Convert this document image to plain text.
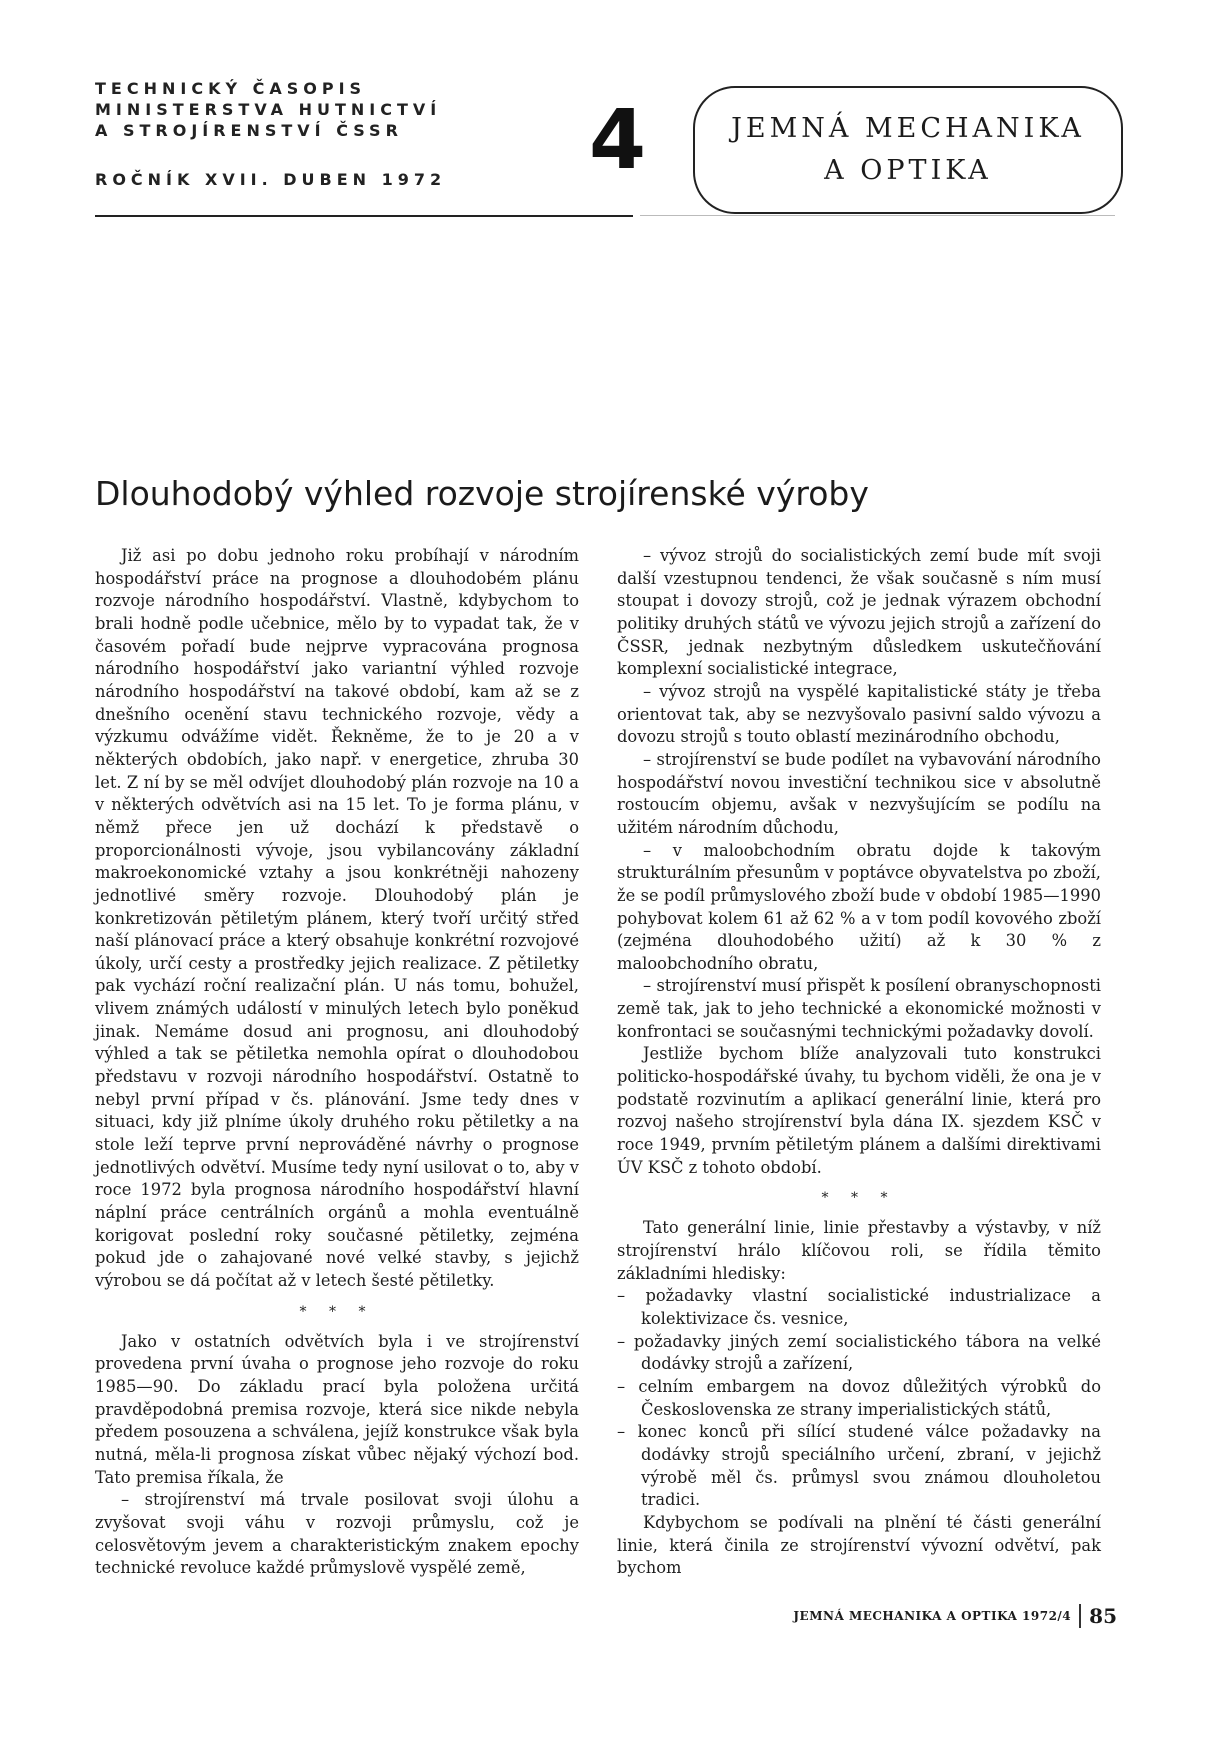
TECHNICKÝ ČASOPIS
MINISTERSTVA HUTNICTVÍ
A STROJÍRENSTVÍ ČSSR
ROČNÍK XVII. DUBEN 1972	4	JEMNÁ MECHANIKA
A OPTIKA
Dlouhodobý výhled rozvoje strojírenské výroby

Již asi po dobu jednoho roku probíhají v národním hospodářství práce na prognose a dlouhodobém plánu rozvoje národního hospodářství. Vlastně, kdybychom to brali hodně podle učebnice, mělo by to vypadat tak, že v časovém pořadí bude nejprve vypracována prognosa národního hospodářství jako variantní výhled rozvoje národního hospodářství na takové období, kam až se z dnešního ocenění stavu technického rozvoje, vědy a výzkumu odvážíme vidět. Řekněme, že to je 20 a v některých obdobích, jako např. v energetice, zhruba 30 let. Z ní by se měl odvíjet dlouhodobý plán rozvoje na 10 a v některých odvětvích asi na 15 let. To je forma plánu, v němž přece jen už dochází k představě o proporcionálnosti vývoje, jsou vybilancovány základní makroekonomické vztahy a jsou konkrétněji nahozeny jednotlivé směry rozvoje. Dlouhodobý plán je konkretizován pětiletým plánem, který tvoří určitý střed naší plánovací práce a který obsahuje konkrétní rozvojové úkoly, určí cesty a prostředky jejich realizace. Z pětiletky pak vychází roční realizační plán. U nás tomu, bohužel, vlivem známých událostí v minulých letech bylo poněkud jinak. Nemáme dosud ani prognosu, ani dlouhodobý výhled a tak se pětiletka nemohla opírat o dlouhodobou představu v rozvoji národního hospodářství. Ostatně to nebyl první případ v čs. plánování. Jsme tedy dnes v situaci, kdy již plníme úkoly druhého roku pětiletky a na stole leží teprve první neprováděné návrhy o prognose jednotlivých odvětví. Musíme tedy nyní usilovat o to, aby v roce 1972 byla prognosa národního hospodářství hlavní náplní práce centrálních orgánů a mohla eventuálně korigovat poslední roky současné pětiletky, zejména pokud jde o zahajované nové velké stavby, s jejichž výrobou se dá počítat až v letech šesté pětiletky.

* * *

Jako v ostatních odvětvích byla i ve strojírenství provedena první úvaha o prognose jeho rozvoje do roku 1985—90. Do základu prací byla položena určitá pravděpodobná premisa rozvoje, která sice nikde nebyla předem posouzena a schválena, jejíž konstrukce však byla nutná, měla-li prognosa získat vůbec nějaký výchozí bod. Tato premisa říkala, že

– strojírenství má trvale posilovat svoji úlohu a zvyšovat svoji váhu v rozvoji průmyslu, což je celosvětovým jevem a charakteristickým znakem epochy technické revoluce každé průmyslově vyspělé země,

– vývoz strojů do socialistických zemí bude mít svoji další vzestupnou tendenci, že však současně s ním musí stoupat i dovozy strojů, což je jednak výrazem obchodní politiky druhých států ve vývozu jejich strojů a zařízení do ČSSR, jednak nezbytným důsledkem uskutečňování komplexní socialistické integrace,

– vývoz strojů na vyspělé kapitalistické státy je třeba orientovat tak, aby se nezvyšovalo pasivní saldo vývozu a dovozu strojů s touto oblastí mezinárodního obchodu,

– strojírenství se bude podílet na vybavování národního hospodářství novou investiční technikou sice v absolutně rostoucím objemu, avšak v nezvyšujícím se podílu na užitém národním důchodu,

– v maloobchodním obratu dojde k takovým strukturálním přesunům v poptávce obyvatelstva po zboží, že se podíl průmyslového zboží bude v období 1985—1990 pohybovat kolem 61 až 62 % a v tom podíl kovového zboží (zejména dlouhodobého užití) až k 30 % z maloobchodního obratu,

– strojírenství musí přispět k posílení obranyschopnosti země tak, jak to jeho technické a ekonomické možnosti v konfrontaci se současnými technickými požadavky dovolí.

Jestliže bychom blíže analyzovali tuto konstrukci politicko-hospodářské úvahy, tu bychom viděli, že ona je v podstatě rozvinutím a aplikací generální linie, která pro rozvoj našeho strojírenství byla dána IX. sjezdem KSČ v roce 1949, prvním pětiletým plánem a dalšími direktivami ÚV KSČ z tohoto období.

* * *

Tato generální linie, linie přestavby a výstavby, v níž strojírenství hrálo klíčovou roli, se řídila těmito základními hledisky:

– požadavky vlastní socialistické industrializace a kolektivizace čs. vesnice,

– požadavky jiných zemí socialistického tábora na velké dodávky strojů a zařízení,

– celním embargem na dovoz důležitých výrobků do Československa ze strany imperialistických států,

– konec konců při sílící studené válce požadavky na dodávky strojů speciálního určení, zbraní, v jejichž výrobě měl čs. průmysl svou známou dlouholetou tradici.

Kdybychom se podívali na plnění té části generální linie, která činila ze strojírenství vývozní odvětví, pak bychom

JEMNÁ MECHANIKA A OPTIKA 1972/4 85
